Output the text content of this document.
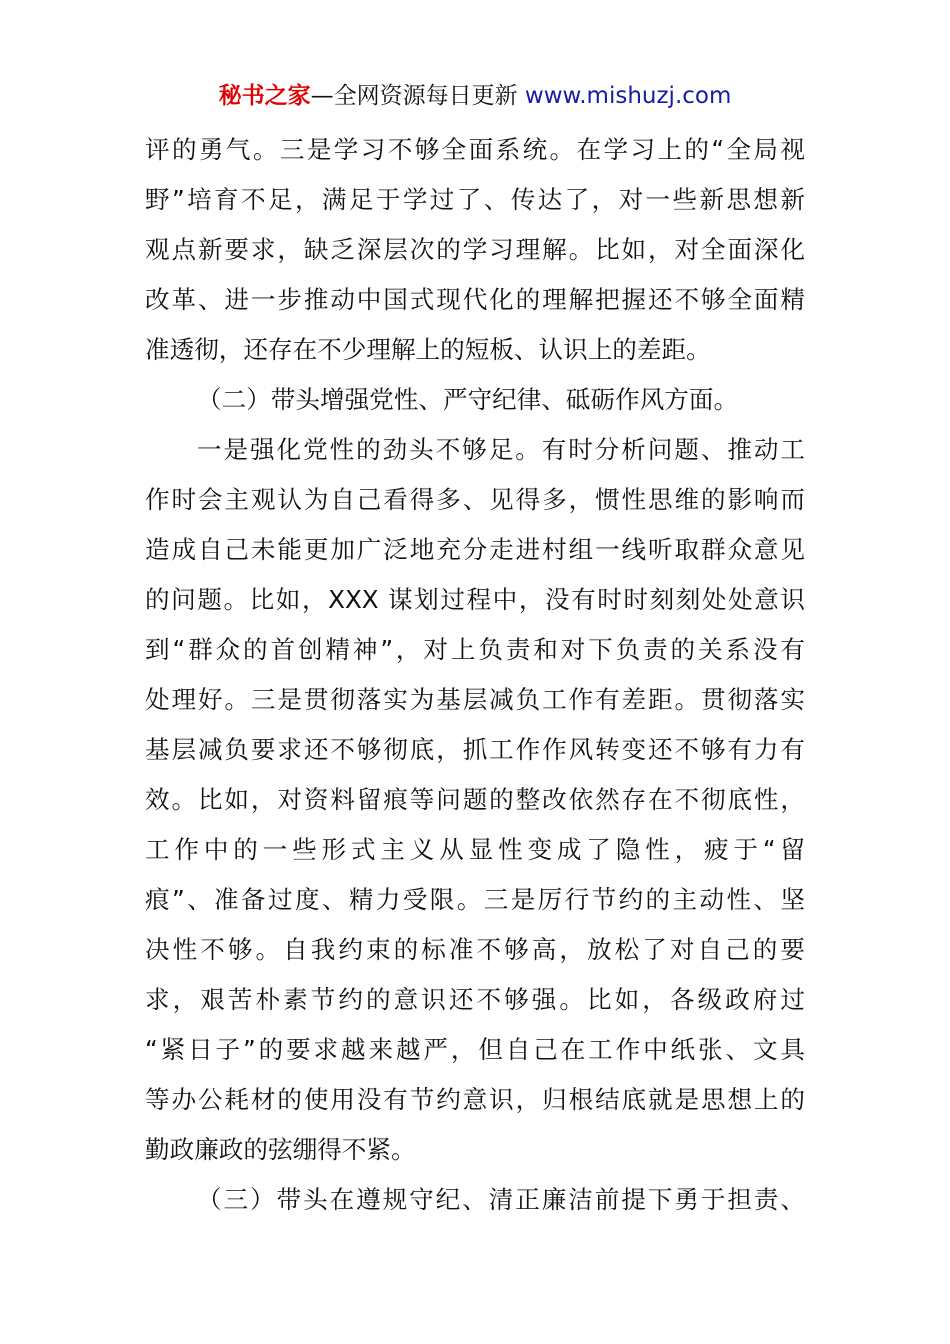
秘书之家—全网资源每日更新 www.mishuzj.com
评的勇气。三是学习不够全面系统。在学习上的“全局视
野”培育不足，满足于学过了、传达了，对一些新思想新
观点新要求，缺乏深层次的学习理解。比如，对全面深化
改革、进一步推动中国式现代化的理解把握还不够全面精
准透彻，还存在不少理解上的短板、认识上的差距。
（二）带头增强党性、严守纪律、砥砺作风方面。
一是强化党性的劲头不够足。有时分析问题、推动工
作时会主观认为自己看得多、见得多，惯性思维的影响而
造成自己未能更加广泛地充分走进村组一线听取群众意见
的问题。比如，XXX 谋划过程中，没有时时刻刻处处意识
到“群众的首创精神”，对上负责和对下负责的关系没有
处理好。三是贯彻落实为基层减负工作有差距。贯彻落实
基层减负要求还不够彻底，抓工作作风转变还不够有力有
效。比如，对资料留痕等问题的整改依然存在不彻底性，
工作中的一些形式主义从显性变成了隐性，疲于“留
痕”、准备过度、精力受限。三是厉行节约的主动性、坚
决性不够。自我约束的标准不够高，放松了对自己的要
求，艰苦朴素节约的意识还不够强。比如，各级政府过
“紧日子”的要求越来越严，但自己在工作中纸张、文具
等办公耗材的使用没有节约意识，归根结底就是思想上的
勤政廉政的弦绷得不紧。
（三）带头在遵规守纪、清正廉洁前提下勇于担责、
